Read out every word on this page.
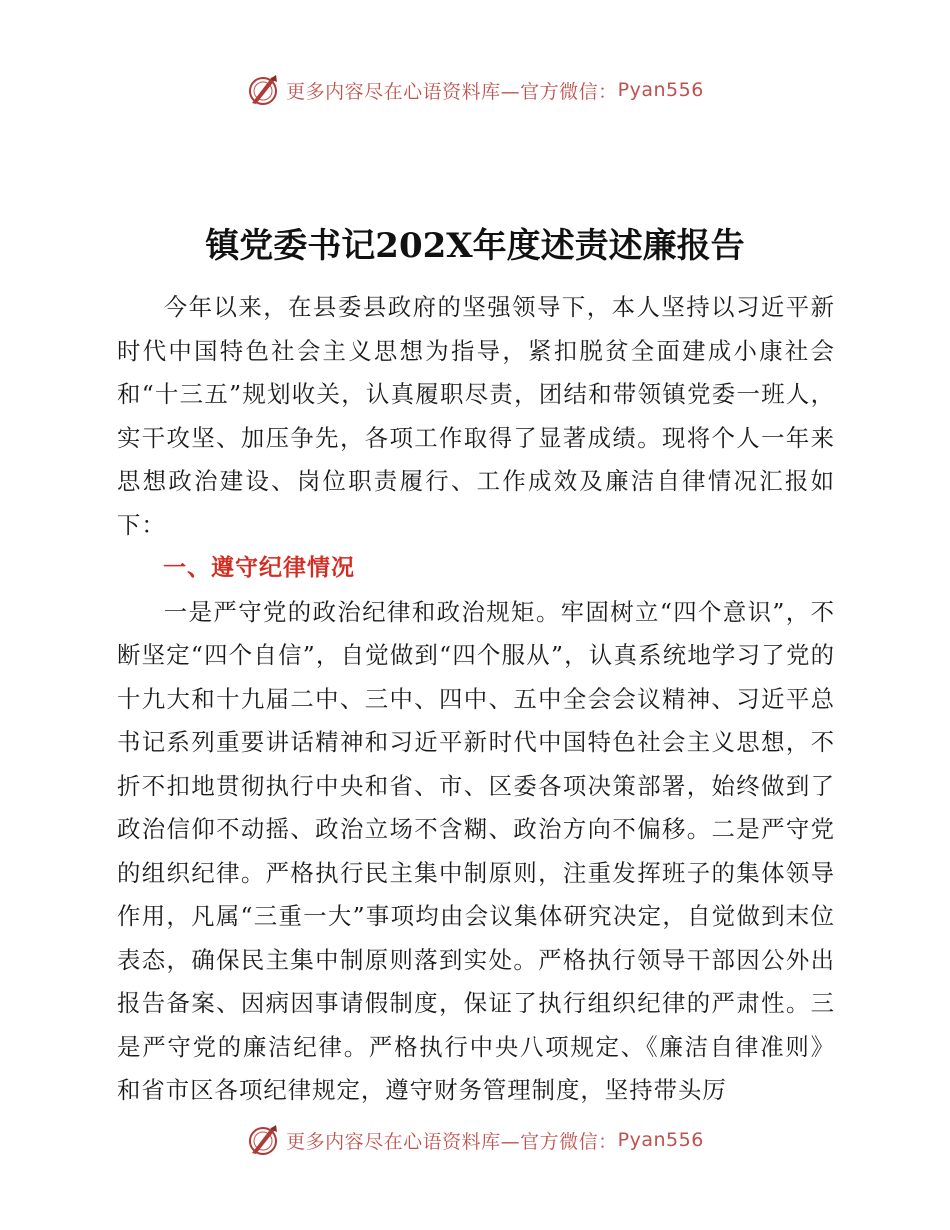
更多内容尽在心语资料库—官方微信： Pyan556
镇党委书记202X年度述责述廉报告

今年以来，在县委县政府的坚强领导下，本人坚持以习近平新时代中国特色社会主义思想为指导，紧扣脱贫全面建成小康社会和“十三五”规划收关，认真履职尽责，团结和带领镇党委一班人，实干攻坚、加压争先，各项工作取得了显著成绩。现将个人一年来思想政治建设、岗位职责履行、工作成效及廉洁自律情况汇报如下：

一、遵守纪律情况

一是严守党的政治纪律和政治规矩。牢固树立“四个意识”，不断坚定“四个自信”，自觉做到“四个服从”，认真系统地学习了党的十九大和十九届二中、三中、四中、五中全会会议精神、习近平总书记系列重要讲话精神和习近平新时代中国特色社会主义思想，不折不扣地贯彻执行中央和省、市、区委各项决策部署，始终做到了政治信仰不动摇、政治立场不含糊、政治方向不偏移。二是严守党的组织纪律。严格执行民主集中制原则，注重发挥班子的集体领导作用，凡属“三重一大”事项均由会议集体研究决定，自觉做到末位表态，确保民主集中制原则落到实处。严格执行领导干部因公外出报告备案、因病因事请假制度，保证了执行组织纪律的严肃性。三是严守党的廉洁纪律。严格执行中央八项规定、《廉洁自律准则》和省市区各项纪律规定，遵守财务管理制度，坚持带头厉

更多内容尽在心语资料库—官方微信： Pyan556
